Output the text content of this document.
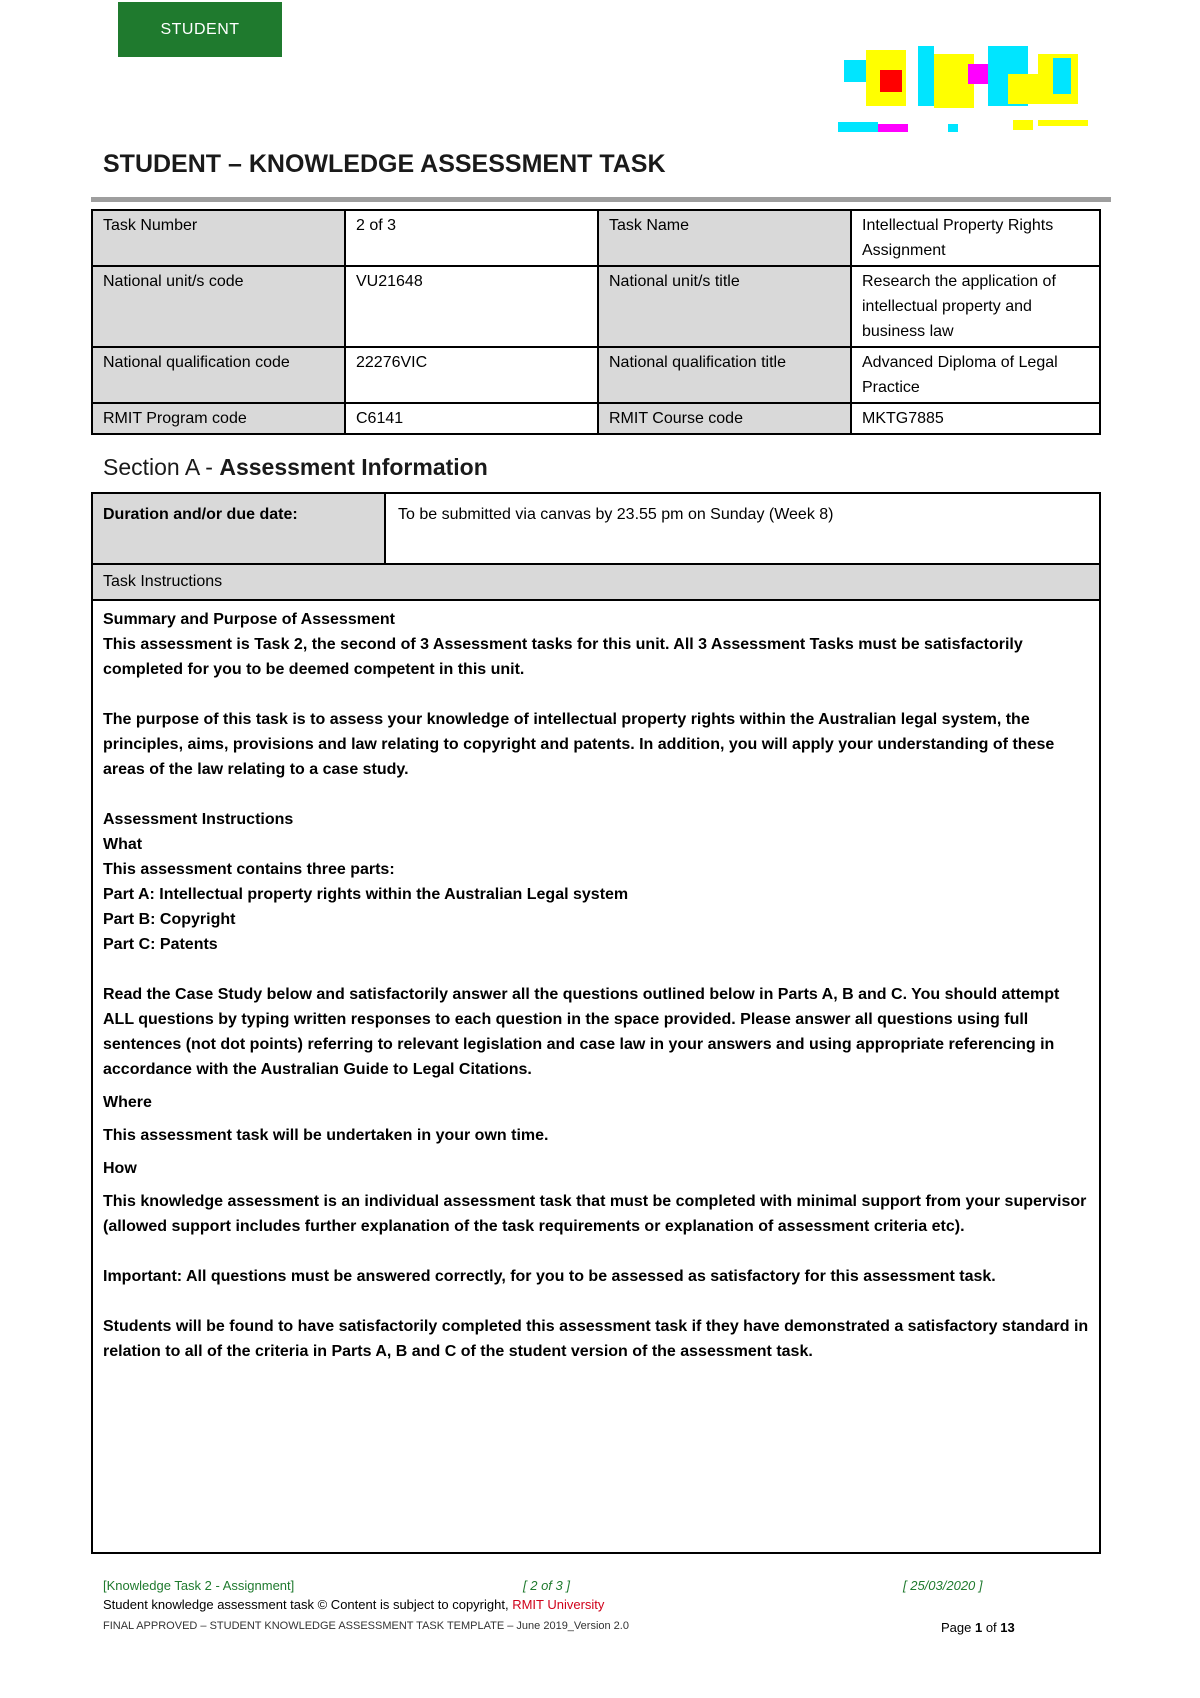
STUDENT
STUDENT – KNOWLEDGE ASSESSMENT TASK
Task Number	2 of 3	Task Name	Intellectual Property Rights Assignment
National unit/s code	VU21648	National unit/s title	Research the application of intellectual property and business law
National qualification code	22276VIC	National qualification title	Advanced Diploma of Legal Practice
RMIT Program code	C6141	RMIT Course code	MKTG7885
Section A - Assessment Information
Duration and/or due date:	To be submitted via canvas by 23.55 pm on Sunday (Week 8)
Task Instructions

Summary and Purpose of Assessment

This assessment is Task 2, the second of 3 Assessment tasks for this unit. All 3 Assessment Tasks must be satisfactorily completed for you to be deemed competent in this unit.

The purpose of this task is to assess your knowledge of intellectual property rights within the Australian legal system, the principles, aims, provisions and law relating to copyright and patents. In addition, you will apply your understanding of these areas of the law relating to a case study.

Assessment Instructions

What

This assessment contains three parts:

Part A: Intellectual property rights within the Australian Legal system

Part B: Copyright

Part C: Patents

Read the Case Study below and satisfactorily answer all the questions outlined below in Parts A, B and C. You should attempt ALL questions by typing written responses to each question in the space provided. Please answer all questions using full sentences (not dot points) referring to relevant legislation and case law in your answers and using appropriate referencing in accordance with the Australian Guide to Legal Citations.

Where

This assessment task will be undertaken in your own time.

How

This knowledge assessment is an individual assessment task that must be completed with minimal support from your supervisor (allowed support includes further explanation of the task requirements or explanation of assessment criteria etc).

Important: All questions must be answered correctly, for you to be assessed as satisfactory for this assessment task.

Students will be found to have satisfactorily completed this assessment task if they have demonstrated a satisfactory standard in relation to all of the criteria in Parts A, B and C of the student version of the assessment task.

[Knowledge Task 2 - Assignment]	[ 2 of 3 ]	[ 25/03/2020 ]
Student knowledge assessment task © Content is subject to copyright, RMIT University
FINAL APPROVED – STUDENT KNOWLEDGE ASSESSMENT TASK TEMPLATE – June 2019_Version 2.0	Page 1 of 13
